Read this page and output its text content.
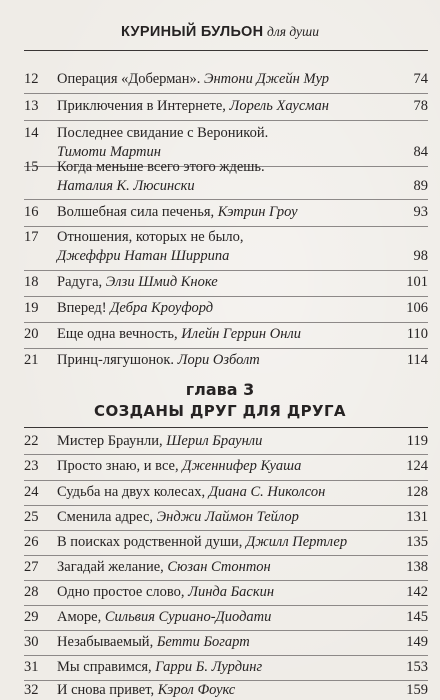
КУРИНЫЙ БУЛЬОН для души
12	Операция «Доберман». Энтони Джейн Мур	74
13	Приключения в Интернете, Лорель Хаусман	78
14	Последнее свидание с Вероникой.
Тимоти Мартин	84
15	Когда меньше всего этого ждешь.
Наталия К. Люсински	89
16	Волшебная сила печенья, Кэтрин Гроу	93
17	Отношения, которых не было,
Джеффри Натан Ширрипа	98
18	Радуга, Элзи Шмид Кноке	101
19	Вперед! Дебра Кроуфорд	106
20	Еще одна вечность, Илейн Геррин Онли	110
21	Принц-лягушонок. Лори Озболт	114
глава 3
СОЗДАНЫ ДРУГ ДЛЯ ДРУГА
22	Мистер Браунли, Шерил Браунли	119
23	Просто знаю, и все, Дженнифер Куаша	124
24	Судьба на двух колесах, Диана С. Николсон	128
25	Сменила адрес, Энджи Лаймон Тейлор	131
26	В поисках родственной души, Джилл Пертлер	135
27	Загадай желание, Сюзан Стонтон	138
28	Одно простое слово, Линда Баскин	142
29	Аморе, Сильвия Суриано-Диодати	145
30	Незабываемый, Бетти Богарт	149
31	Мы справимся, Гарри Б. Лурдинг	153
32	И снова привет, Кэрол Фоукс	159
